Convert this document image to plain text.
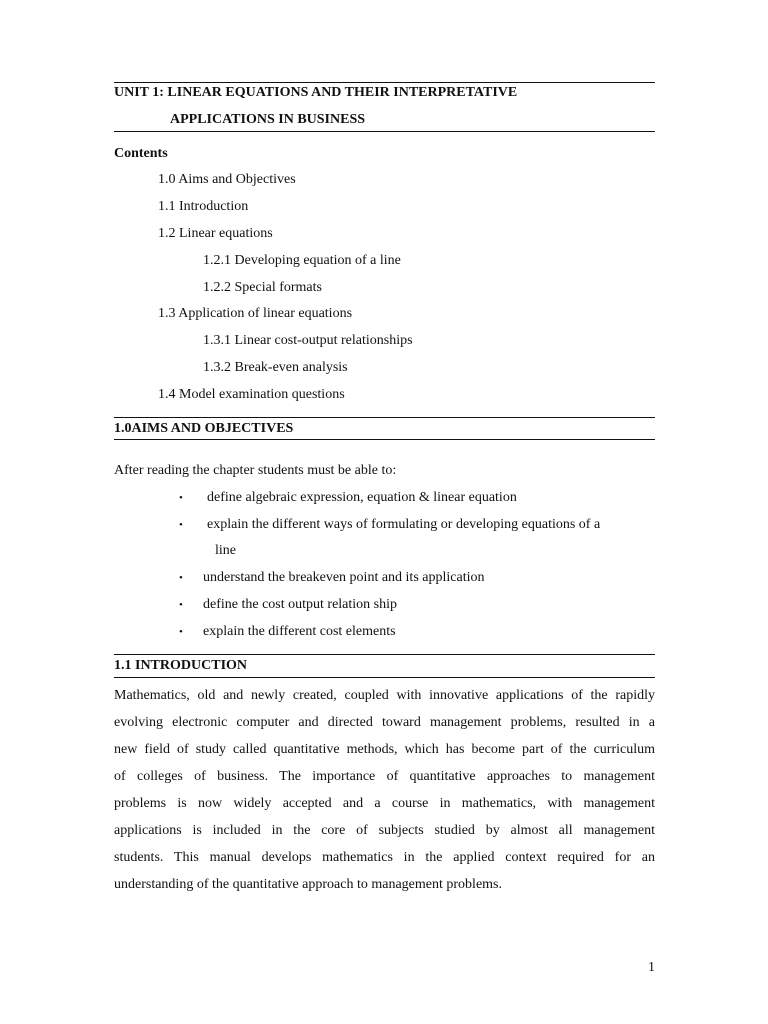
UNIT 1: LINEAR EQUATIONS AND THEIR INTERPRETATIVE
APPLICATIONS IN BUSINESS
Contents
1.0 Aims and Objectives
1.1 Introduction
1.2 Linear equations
1.2.1 Developing equation of a line
1.2.2 Special formats
1.3 Application of linear equations
1.3.1 Linear cost-output relationships
1.3.2 Break-even analysis
1.4 Model examination questions
1.0AIMS AND OBJECTIVES
After reading the chapter students must be able to:
• define algebraic expression, equation & linear equation
• explain the different ways of formulating or developing equations of a
line
• understand the breakeven point and its application
• define the cost output relation ship
• explain the different cost elements
1.1 INTRODUCTION
Mathematics, old and newly created, coupled with innovative applications of the rapidly
evolving electronic computer and directed toward management problems, resulted in a
new field of study called quantitative methods, which has become part of the curriculum
of colleges of business. The importance of quantitative approaches to management
problems is now widely accepted and a course in mathematics, with management
applications is included in the core of subjects studied by almost all management
students. This manual develops mathematics in the applied context required for an
understanding of the quantitative approach to management problems.
1
